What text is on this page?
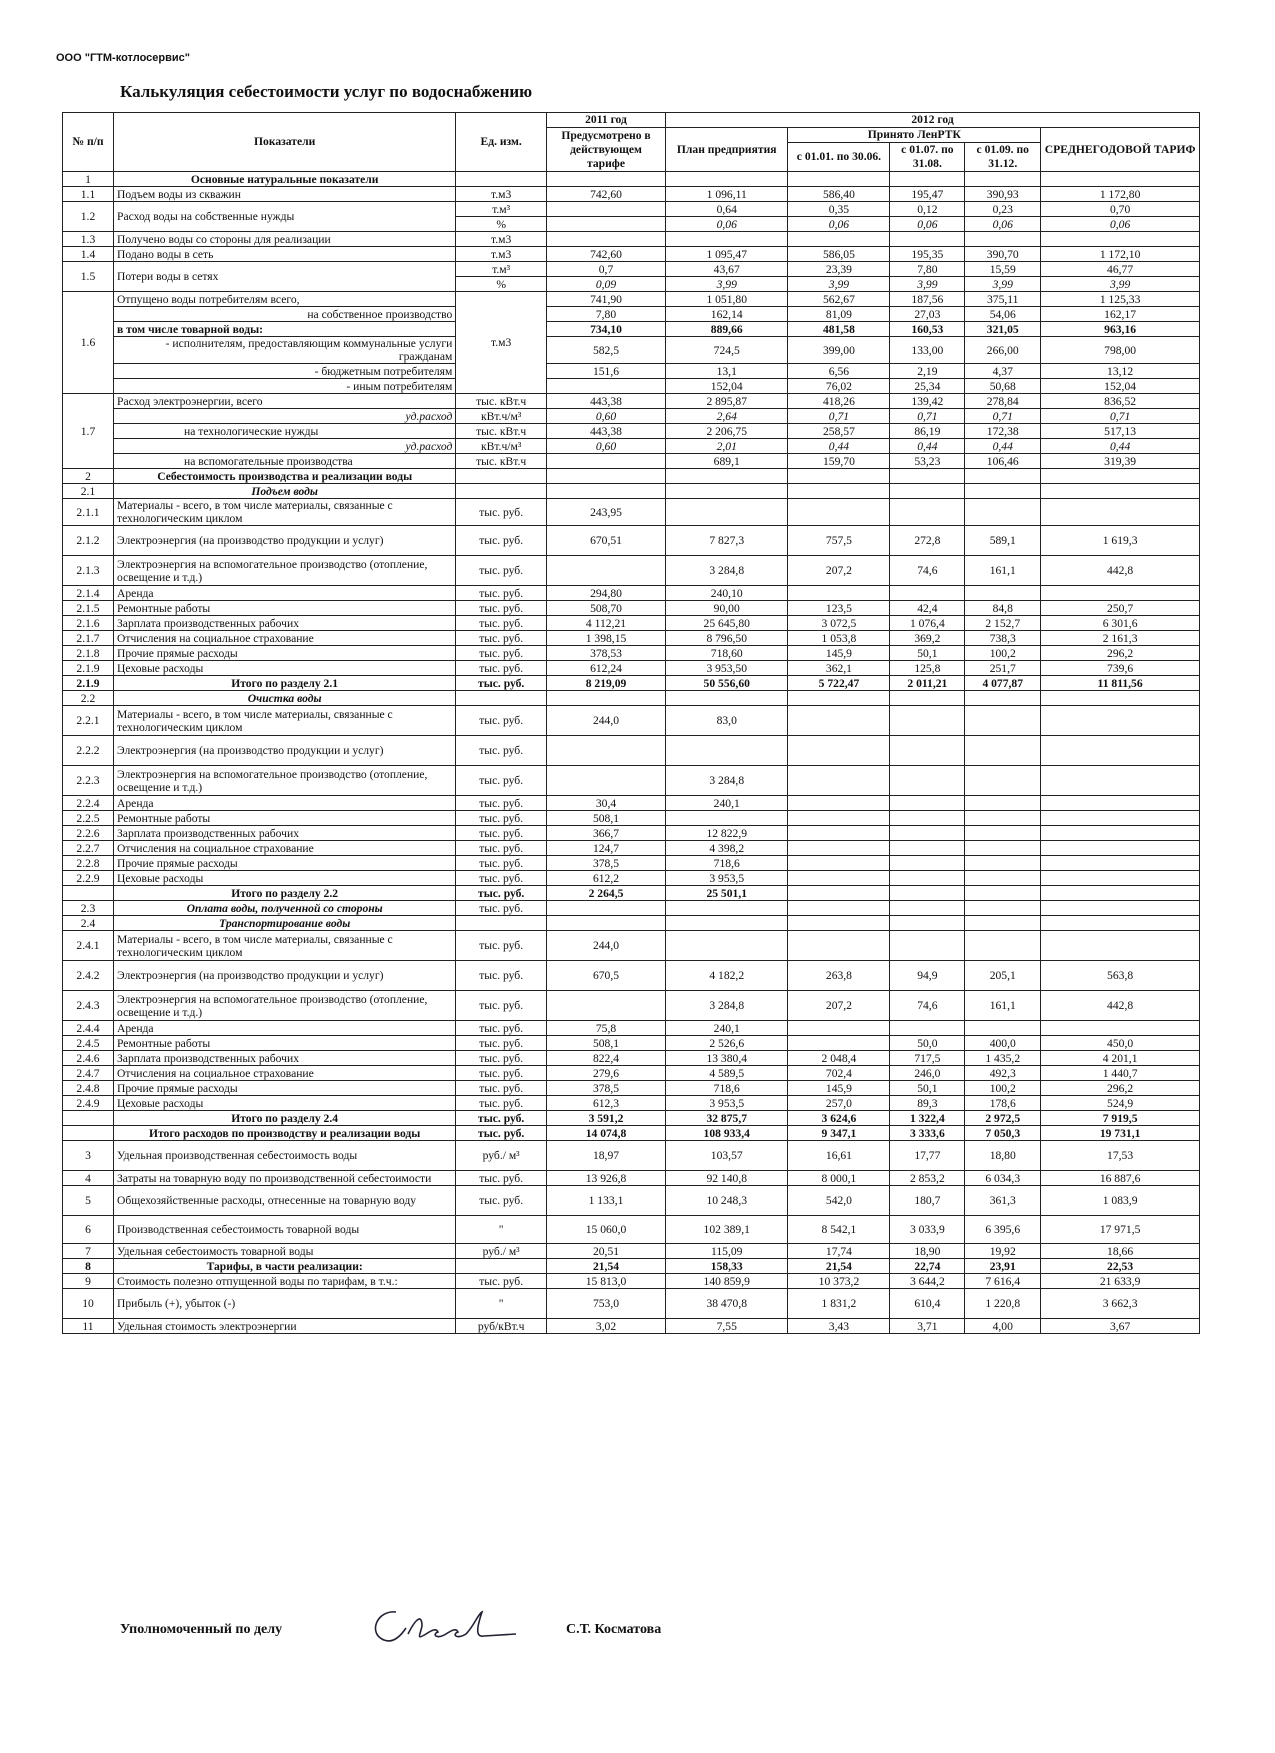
ООО "ГТМ-котлосервис"
Калькуляция себестоимости услуг по водоснабжению
№ п/п	Показатели	Ед. изм.	2011 год	2012 год				
			Предусмотрено в действующем тарифе	План предприятия	Принято ЛенРТК			СРЕДНЕГОДОВОЙ ТАРИФ
					с 01.01. по 30.06.	с 01.07. по 31.08.	с 01.09. по 31.12.	
1	Основные натуральные показатели							
1.1	Подъем воды из скважин	т.м3	742,60	1 096,11	586,40	195,47	390,93	1 172,80
1.2	Расход воды на собственные нужды	т.м³		0,64	0,35	0,12	0,23	0,70
		%		0,06	0,06	0,06	0,06	0,06
1.3	Получено воды со стороны для реализации	т.м3						
1.4	Подано воды в сеть	т.м3	742,60	1 095,47	586,05	195,35	390,70	1 172,10
1.5	Потери воды в сетях	т.м³	0,7	43,67	23,39	7,80	15,59	46,77
		%	0,09	3,99	3,99	3,99	3,99	3,99
1.6	Отпущено воды потребителям всего,	т.м3	741,90	1 051,80	562,67	187,56	375,11	1 125,33
	на собственное производство		7,80	162,14	81,09	27,03	54,06	162,17
	в том числе товарной воды:		734,10	889,66	481,58	160,53	321,05	963,16
	- исполнителям, предоставляющим коммунальные услуги гражданам		582,5	724,5	399,00	133,00	266,00	798,00
	- бюджетным потребителям		151,6	13,1	6,56	2,19	4,37	13,12
	- иным потребителям			152,04	76,02	25,34	50,68	152,04
1.7	Расход электроэнергии, всего	тыс. кВт.ч	443,38	2 895,87	418,26	139,42	278,84	836,52
	уд.расход	кВт.ч/м³	0,60	2,64	0,71	0,71	0,71	0,71
	на технологические нужды	тыс. кВт.ч	443,38	2 206,75	258,57	86,19	172,38	517,13
	уд.расход	кВт.ч/м³	0,60	2,01	0,44	0,44	0,44	0,44
	на вспомогательные производства	тыс. кВт.ч		689,1	159,70	53,23	106,46	319,39
2	Себестоимость производства и реализации воды							
2.1	Подъем воды							
2.1.1	Материалы - всего, в том числе материалы, связанные с технологическим циклом	тыс. руб.	243,95					
2.1.2	Электроэнергия (на производство продукции и услуг)	тыс. руб.	670,51	7 827,3	757,5	272,8	589,1	1 619,3
2.1.3	Электроэнергия на вспомогательное производство (отопление, освещение и т.д.)	тыс. руб.		3 284,8	207,2	74,6	161,1	442,8
2.1.4	Аренда	тыс. руб.	294,80	240,10				
2.1.5	Ремонтные работы	тыс. руб.	508,70	90,00	123,5	42,4	84,8	250,7
2.1.6	Зарплата производственных рабочих	тыс. руб.	4 112,21	25 645,80	3 072,5	1 076,4	2 152,7	6 301,6
2.1.7	Отчисления на социальное страхование	тыс. руб.	1 398,15	8 796,50	1 053,8	369,2	738,3	2 161,3
2.1.8	Прочие прямые расходы	тыс. руб.	378,53	718,60	145,9	50,1	100,2	296,2
2.1.9	Цеховые расходы	тыс. руб.	612,24	3 953,50	362,1	125,8	251,7	739,6
2.1.9	Итого по разделу 2.1	тыс. руб.	8 219,09	50 556,60	5 722,47	2 011,21	4 077,87	11 811,56
2.2	Очистка воды							
2.2.1	Материалы - всего, в том числе материалы, связанные с технологическим циклом	тыс. руб.	244,0	83,0				
2.2.2	Электроэнергия (на производство продукции и услуг)	тыс. руб.						
2.2.3	Электроэнергия на вспомогательное производство (отопление, освещение и т.д.)	тыс. руб.		3 284,8				
2.2.4	Аренда	тыс. руб.	30,4	240,1				
2.2.5	Ремонтные работы	тыс. руб.	508,1					
2.2.6	Зарплата производственных рабочих	тыс. руб.	366,7	12 822,9				
2.2.7	Отчисления на социальное страхование	тыс. руб.	124,7	4 398,2				
2.2.8	Прочие прямые расходы	тыс. руб.	378,5	718,6				
2.2.9	Цеховые расходы	тыс. руб.	612,2	3 953,5				
	Итого по разделу 2.2	тыс. руб.	2 264,5	25 501,1				
2.3	Оплата воды, полученной со стороны	тыс. руб.						
2.4	Транспортирование воды							
2.4.1	Материалы - всего, в том числе материалы, связанные с технологическим циклом	тыс. руб.	244,0					
2.4.2	Электроэнергия (на производство продукции и услуг)	тыс. руб.	670,5	4 182,2	263,8	94,9	205,1	563,8
2.4.3	Электроэнергия на вспомогательное производство (отопление, освещение и т.д.)	тыс. руб.		3 284,8	207,2	74,6	161,1	442,8
2.4.4	Аренда	тыс. руб.	75,8	240,1				
2.4.5	Ремонтные работы	тыс. руб.	508,1	2 526,6		50,0	400,0	450,0
2.4.6	Зарплата производственных рабочих	тыс. руб.	822,4	13 380,4	2 048,4	717,5	1 435,2	4 201,1
2.4.7	Отчисления на социальное страхование	тыс. руб.	279,6	4 589,5	702,4	246,0	492,3	1 440,7
2.4.8	Прочие прямые расходы	тыс. руб.	378,5	718,6	145,9	50,1	100,2	296,2
2.4.9	Цеховые расходы	тыс. руб.	612,3	3 953,5	257,0	89,3	178,6	524,9
	Итого по разделу 2.4	тыс. руб.	3 591,2	32 875,7	3 624,6	1 322,4	2 972,5	7 919,5
	Итого расходов по производству и реализации воды	тыс. руб.	14 074,8	108 933,4	9 347,1	3 333,6	7 050,3	19 731,1
3	Удельная производственная себестоимость воды	руб./ м³	18,97	103,57	16,61	17,77	18,80	17,53
4	Затраты на товарную воду по производственной себестоимости	тыс. руб.	13 926,8	92 140,8	8 000,1	2 853,2	6 034,3	16 887,6
5	Общехозяйственные расходы, отнесенные на товарную воду	тыс. руб.	1 133,1	10 248,3	542,0	180,7	361,3	1 083,9
6	Производственная себестоимость товарной воды	"	15 060,0	102 389,1	8 542,1	3 033,9	6 395,6	17 971,5
7	Удельная себестоимость товарной воды	руб./ м³	20,51	115,09	17,74	18,90	19,92	18,66
8	Тарифы, в части реализации:		21,54	158,33	21,54	22,74	23,91	22,53
9	Стоимость полезно отпущенной воды по тарифам, в т.ч.:	тыс. руб.	15 813,0	140 859,9	10 373,2	3 644,2	7 616,4	21 633,9
10	Прибыль (+), убыток (-)	"	753,0	38 470,8	1 831,2	610,4	1 220,8	3 662,3
11	Удельная стоимость электроэнергии	руб/кВт.ч	3,02	7,55	3,43	3,71	4,00	3,67
Уполномоченный по делу	С.Т. Косматова
